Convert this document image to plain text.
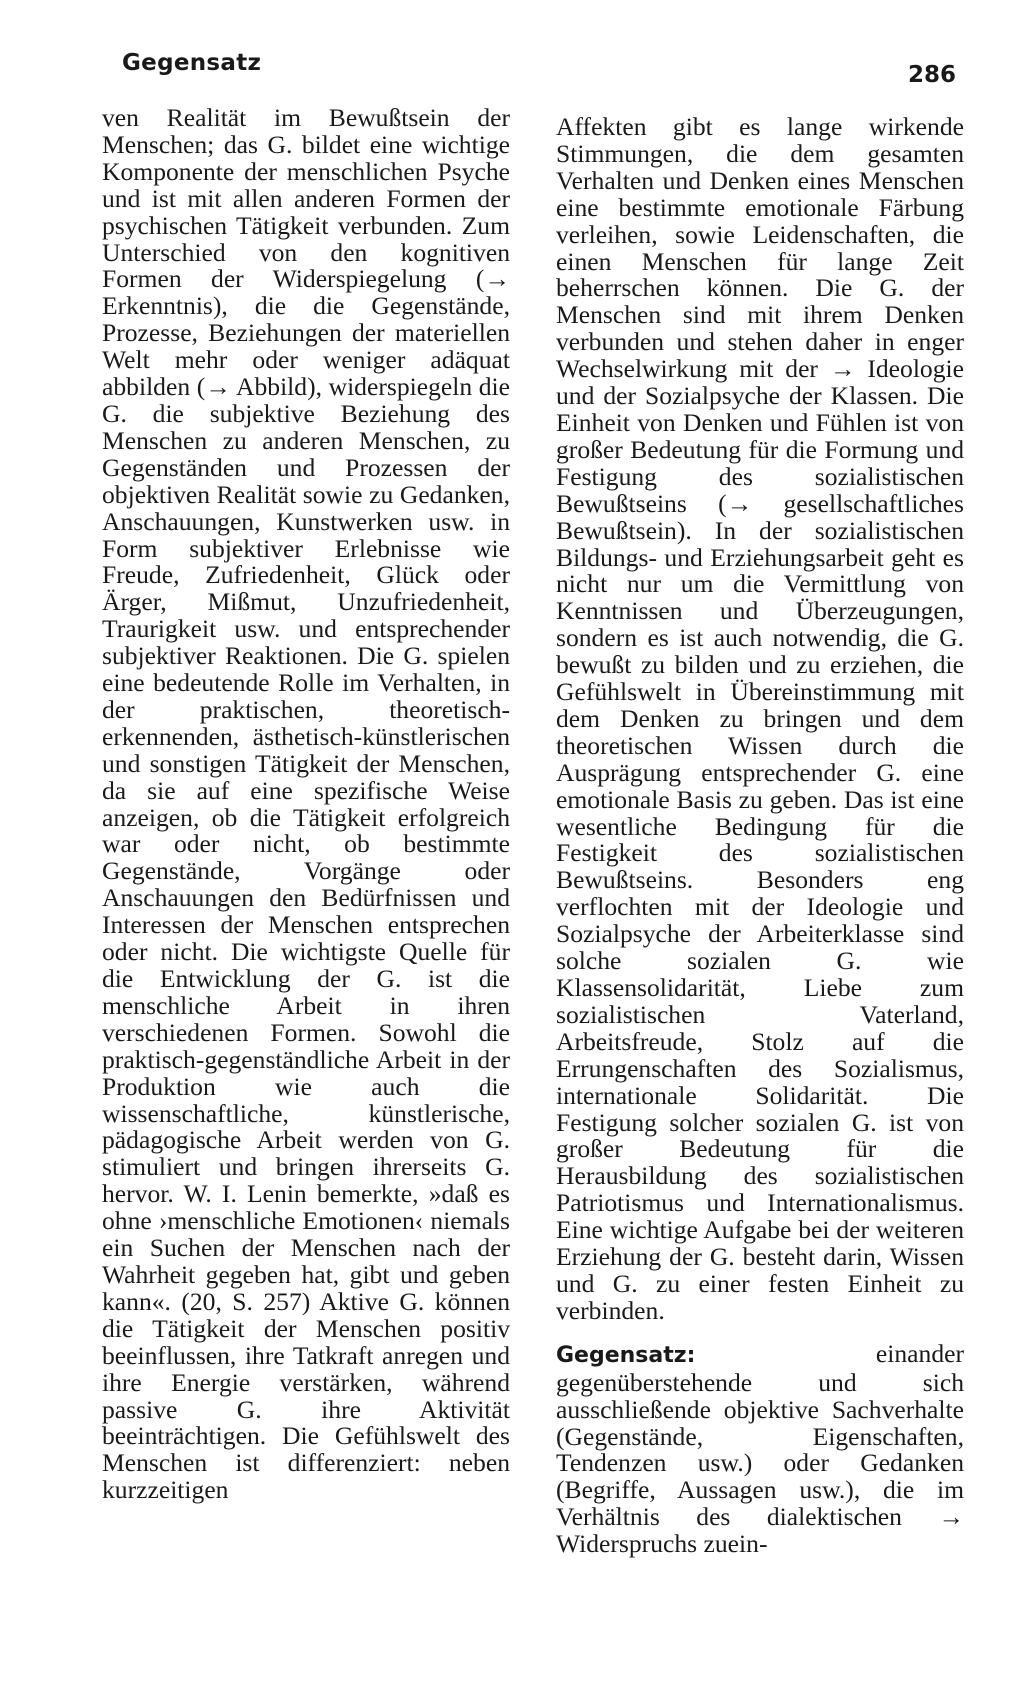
Gegensatz	286

ven Realität im Bewußtsein der Menschen; das G. bildet eine wichtige Komponente der menschlichen Psyche und ist mit allen anderen Formen der psychischen Tätigkeit verbunden. Zum Unterschied von den kognitiven Formen der Widerspiegelung (→ Erkenntnis), die die Gegenstände, Prozesse, Beziehungen der materiellen Welt mehr oder weniger adäquat abbilden (→ Abbild), widerspiegeln die G. die subjektive Beziehung des Menschen zu anderen Menschen, zu Gegenständen und Prozessen der objektiven Realität sowie zu Gedanken, Anschauungen, Kunstwerken usw. in Form subjektiver Erlebnisse wie Freude, Zufriedenheit, Glück oder Ärger, Mißmut, Unzufriedenheit, Traurigkeit usw. und entsprechender subjektiver Reaktionen. Die G. spielen eine bedeutende Rolle im Verhalten, in der praktischen, theoretisch-erkennenden, ästhetisch-künstlerischen und sonstigen Tätigkeit der Menschen, da sie auf eine spezifische Weise anzeigen, ob die Tätigkeit erfolgreich war oder nicht, ob bestimmte Gegenstände, Vorgänge oder Anschauungen den Bedürfnissen und Interessen der Menschen entsprechen oder nicht. Die wichtigste Quelle für die Entwicklung der G. ist die menschliche Arbeit in ihren verschiedenen Formen. Sowohl die praktisch-gegenständliche Arbeit in der Produktion wie auch die wissenschaftliche, künstlerische, pädagogische Arbeit werden von G. stimuliert und bringen ihrerseits G. hervor. W. I. Lenin bemerkte, »daß es ohne ›menschliche Emotionen‹ niemals ein Suchen der Menschen nach der Wahrheit gegeben hat, gibt und geben kann«. (20, S. 257) Aktive G. können die Tätigkeit der Menschen positiv beeinflussen, ihre Tatkraft anregen und ihre Energie verstärken, während passive G. ihre Aktivität beeinträchtigen. Die Gefühlswelt des Menschen ist differenziert: neben kurzzeitigen

Affekten gibt es lange wirkende Stimmungen, die dem gesamten Verhalten und Denken eines Menschen eine bestimmte emotionale Färbung verleihen, sowie Leidenschaften, die einen Menschen für lange Zeit beherrschen können. Die G. der Menschen sind mit ihrem Denken verbunden und stehen daher in enger Wechselwirkung mit der → Ideologie und der Sozialpsyche der Klassen. Die Einheit von Denken und Fühlen ist von großer Bedeutung für die Formung und Festigung des sozialistischen Bewußtseins (→ gesellschaftliches Bewußtsein). In der sozialistischen Bildungs- und Erziehungsarbeit geht es nicht nur um die Vermittlung von Kenntnissen und Überzeugungen, sondern es ist auch notwendig, die G. bewußt zu bilden und zu erziehen, die Gefühlswelt in Übereinstimmung mit dem Denken zu bringen und dem theoretischen Wissen durch die Ausprägung entsprechender G. eine emotionale Basis zu geben. Das ist eine wesentliche Bedingung für die Festigkeit des sozialistischen Bewußtseins. Besonders eng verflochten mit der Ideologie und Sozialpsyche der Arbeiterklasse sind solche sozialen G. wie Klassensolidarität, Liebe zum sozialistischen Vaterland, Arbeitsfreude, Stolz auf die Errungenschaften des Sozialismus, internationale Solidarität. Die Festigung solcher sozialen G. ist von großer Bedeutung für die Herausbildung des sozialistischen Patriotismus und Internationalismus. Eine wichtige Aufgabe bei der weiteren Erziehung der G. besteht darin, Wissen und G. zu einer festen Einheit zu verbinden.

Gegensatz:	einander gegenüberstehende und sich ausschließende objektive Sachverhalte (Gegenstände, Eigenschaften, Tendenzen usw.) oder Gedanken (Begriffe, Aussagen usw.), die im Verhältnis des dialektischen → Widerspruchs zuein-
